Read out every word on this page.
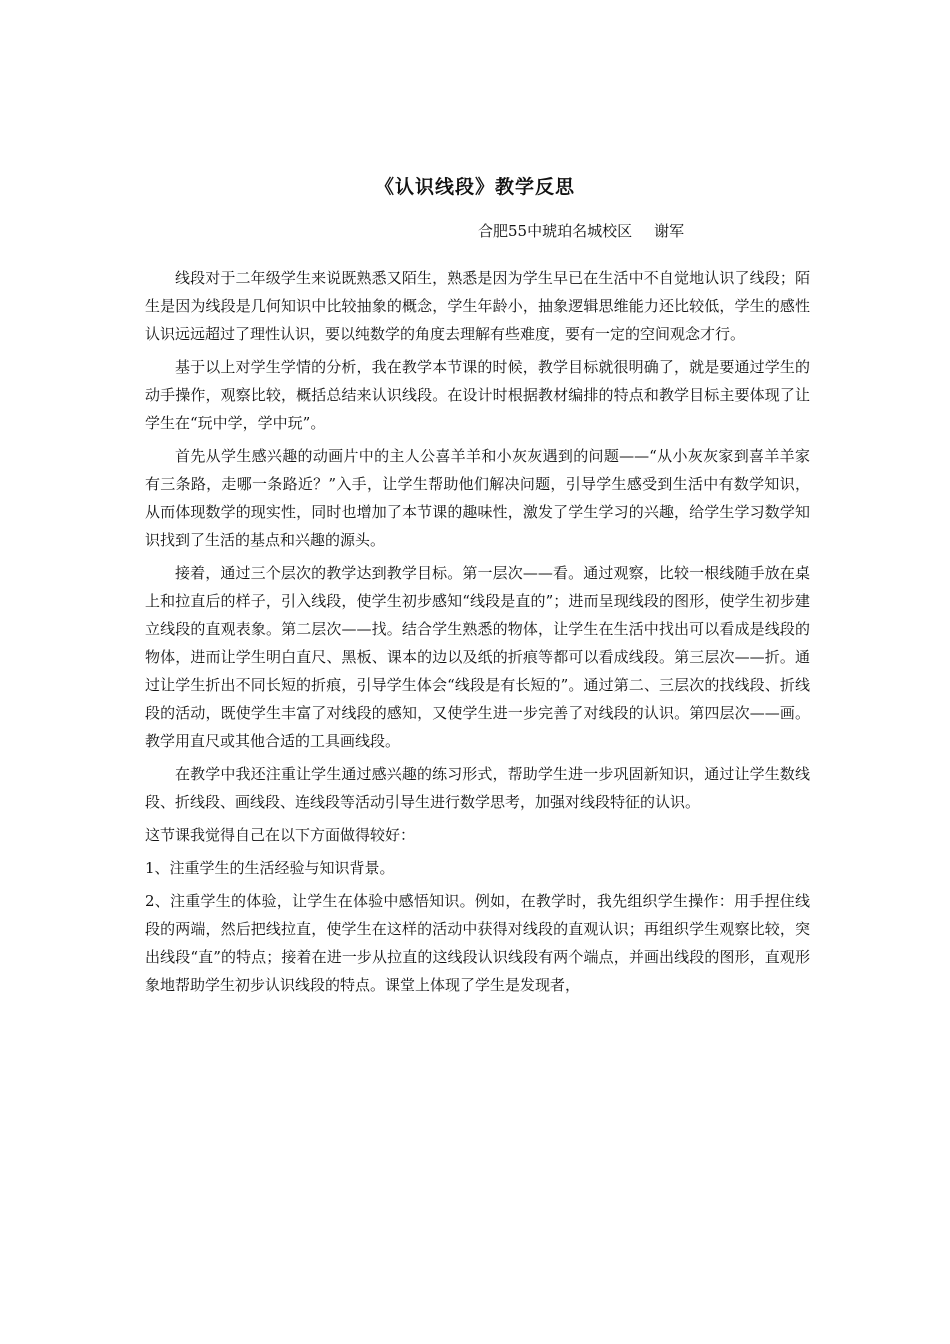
《认识线段》教学反思
合肥55中琥珀名城校区 谢军

线段对于二年级学生来说既熟悉又陌生，熟悉是因为学生早已在生活中不自觉地认识了线段；陌生是因为线段是几何知识中比较抽象的概念，学生年龄小，抽象逻辑思维能力还比较低，学生的感性认识远远超过了理性认识，要以纯数学的角度去理解有些难度，要有一定的空间观念才行。

基于以上对学生学情的分析，我在教学本节课的时候，教学目标就很明确了，就是要通过学生的动手操作，观察比较，概括总结来认识线段。在设计时根据教材编排的特点和教学目标主要体现了让学生在“玩中学，学中玩”。

首先从学生感兴趣的动画片中的主人公喜羊羊和小灰灰遇到的问题——“从小灰灰家到喜羊羊家有三条路，走哪一条路近？”入手，让学生帮助他们解决问题，引导学生感受到生活中有数学知识，从而体现数学的现实性，同时也增加了本节课的趣味性，激发了学生学习的兴趣，给学生学习数学知识找到了生活的基点和兴趣的源头。

接着，通过三个层次的教学达到教学目标。第一层次——看。通过观察，比较一根线随手放在桌上和拉直后的样子，引入线段，使学生初步感知“线段是直的”；进而呈现线段的图形，使学生初步建立线段的直观表象。第二层次——找。结合学生熟悉的物体，让学生在生活中找出可以看成是线段的物体，进而让学生明白直尺、黑板、课本的边以及纸的折痕等都可以看成线段。第三层次——折。通过让学生折出不同长短的折痕，引导学生体会“线段是有长短的”。通过第二、三层次的找线段、折线段的活动，既使学生丰富了对线段的感知，又使学生进一步完善了对线段的认识。第四层次——画。教学用直尺或其他合适的工具画线段。

在教学中我还注重让学生通过感兴趣的练习形式，帮助学生进一步巩固新知识，通过让学生数线段、折线段、画线段、连线段等活动引导生进行数学思考，加强对线段特征的认识。

这节课我觉得自己在以下方面做得较好：

1、注重学生的生活经验与知识背景。

2、注重学生的体验，让学生在体验中感悟知识。例如，在教学时，我先组织学生操作：用手捏住线段的两端，然后把线拉直，使学生在这样的活动中获得对线段的直观认识；再组织学生观察比较，突出线段“直”的特点；接着在进一步从拉直的这线段认识线段有两个端点，并画出线段的图形，直观形象地帮助学生初步认识线段的特点。课堂上体现了学生是发现者，
